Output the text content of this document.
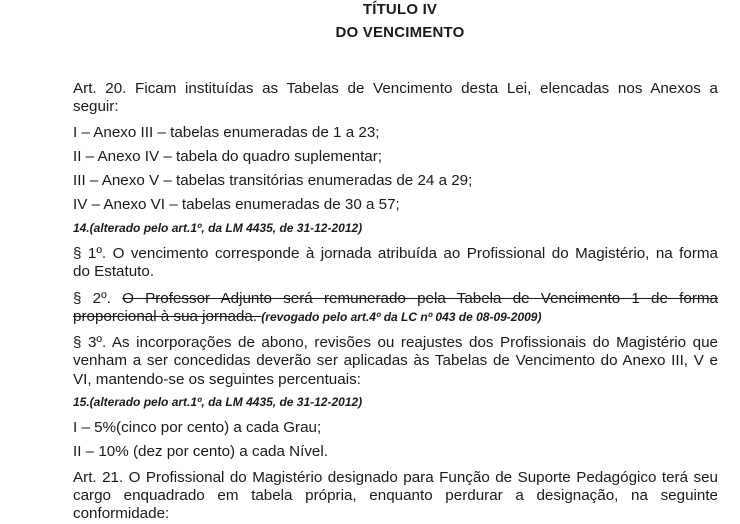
TÍTULO IV
DO VENCIMENTO
Art. 20. Ficam instituídas as Tabelas de Vencimento desta Lei, elencadas nos Anexos a
seguir:
I – Anexo III – tabelas enumeradas de 1 a 23;
II – Anexo IV – tabela do quadro suplementar;
III – Anexo V – tabelas transitórias enumeradas de 24 a 29;
IV – Anexo VI – tabelas enumeradas de 30 a 57;
14.(alterado pelo art.1º, da LM 4435, de 31-12-2012)
§ 1º. O vencimento corresponde à jornada atribuída ao Profissional do Magistério, na forma
do Estatuto.
§ 2º. O Professor Adjunto será remunerado pela Tabela de Vencimento 1 de forma
proporcional à sua jornada. (revogado pelo art.4º da LC nº 043 de 08-09-2009)
§ 3º. As incorporações de abono, revisões ou reajustes dos Profissionais do Magistério que
venham a ser concedidas deverão ser aplicadas às Tabelas de Vencimento do Anexo III, V e
VI, mantendo-se os seguintes percentuais:
15.(alterado pelo art.1º, da LM 4435, de 31-12-2012)
I – 5%(cinco por cento) a cada Grau;
II – 10% (dez por cento) a cada Nível.
Art. 21. O Profissional do Magistério designado para Função de Suporte Pedagógico terá seu
cargo enquadrado em tabela própria, enquanto perdurar a designação, na seguinte
conformidade:
